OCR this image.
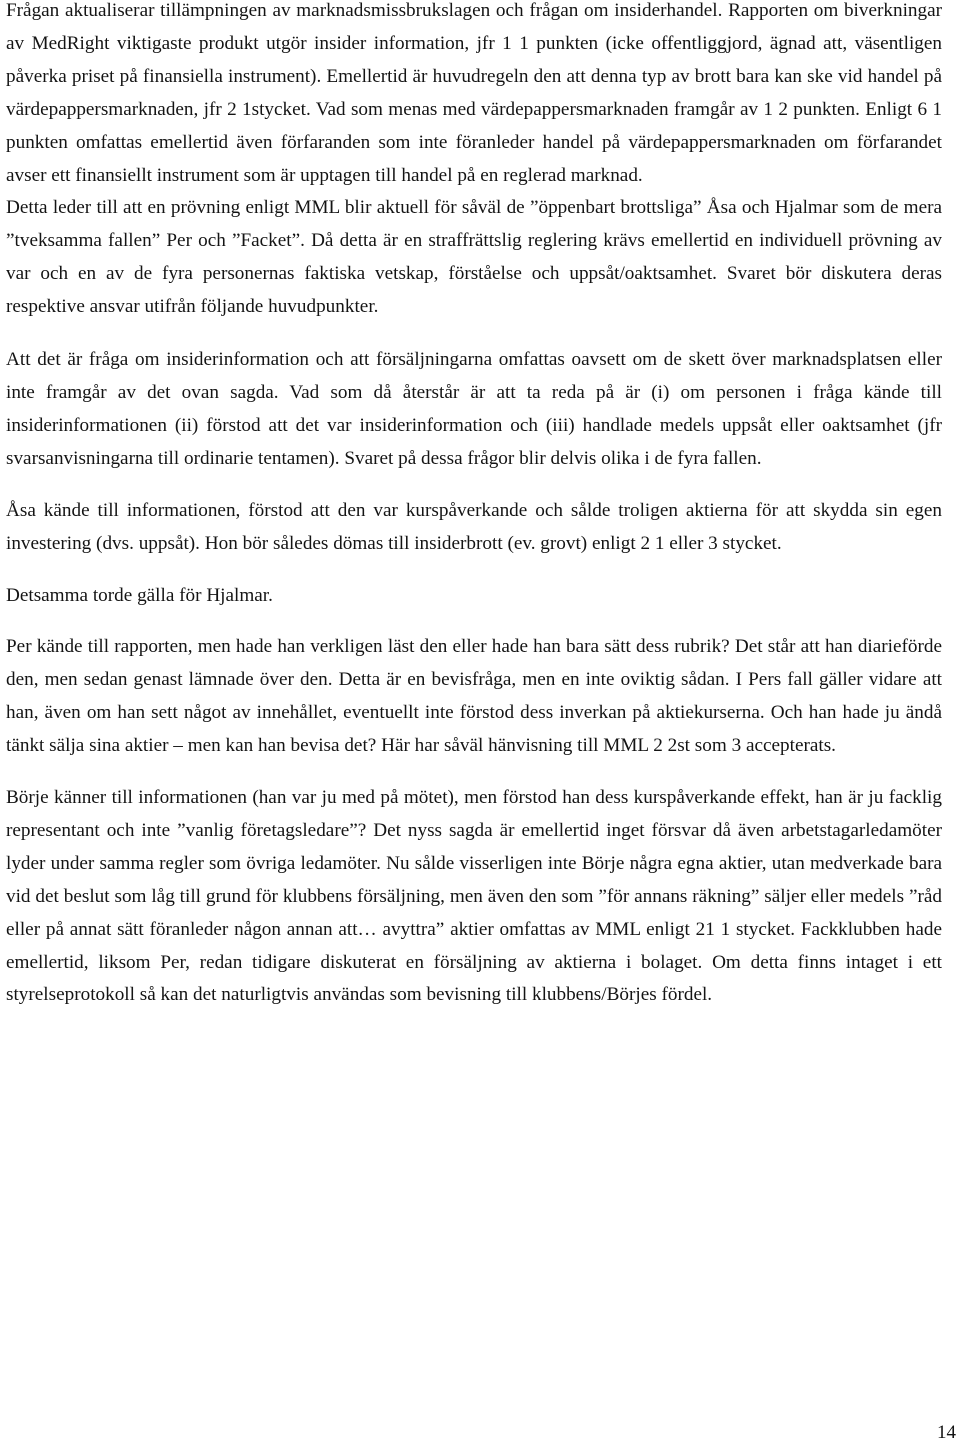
Frågan aktualiserar tillämpningen av marknadsmissbrukslagen och frågan om insiderhandel. Rapporten om biverkningar av MedRight viktigaste produkt utgör insider information, jfr 1 1 punkten (icke offentliggjord, ägnad att, väsentligen påverka priset på finansiella instrument). Emellertid är huvudregeln den att denna typ av brott bara kan ske vid handel på värdepappersmarknaden, jfr 2 1stycket. Vad som menas med värdepappersmarknaden framgår av 1 2 punkten. Enligt 6 1 punkten omfattas emellertid även förfaranden som inte föranleder handel på värdepappersmarknaden om förfarandet avser ett finansiellt instrument som är upptagen till handel på en reglerad marknad.

Detta leder till att en prövning enligt MML blir aktuell för såväl de ”öppenbart brottsliga” Åsa och Hjalmar som de mera ”tveksamma fallen” Per och ”Facket”. Då detta är en straffrättslig reglering krävs emellertid en individuell prövning av var och en av de fyra personernas faktiska vetskap, förståelse och uppsåt/oaktsamhet. Svaret bör diskutera deras respektive ansvar utifrån följande huvudpunkter.

Att det är fråga om insiderinformation och att försäljningarna omfattas oavsett om de skett över marknadsplatsen eller inte framgår av det ovan sagda. Vad som då återstår är att ta reda på är (i) om personen i fråga kände till insiderinformationen (ii) förstod att det var insiderinformation och (iii) handlade medels uppsåt eller oaktsamhet (jfr svarsanvisningarna till ordinarie tentamen). Svaret på dessa frågor blir delvis olika i de fyra fallen.

Åsa kände till informationen, förstod att den var kurspåverkande och sålde troligen aktierna för att skydda sin egen investering (dvs. uppsåt). Hon bör således dömas till insiderbrott (ev. grovt) enligt 2 1 eller 3 stycket.

Detsamma torde gälla för Hjalmar.

Per kände till rapporten, men hade han verkligen läst den eller hade han bara sätt dess rubrik? Det står att han diarieförde den, men sedan genast lämnade över den. Detta är en bevisfråga, men en inte oviktig sådan. I Pers fall gäller vidare att han, även om han sett något av innehållet, eventuellt inte förstod dess inverkan på aktiekurserna. Och han hade ju ändå tänkt sälja sina aktier – men kan han bevisa det? Här har såväl hänvisning till MML 2 2st som 3 accepterats.

Börje känner till informationen (han var ju med på mötet), men förstod han dess kurspåverkande effekt, han är ju facklig representant och inte ”vanlig företagsledare”? Det nyss sagda är emellertid inget försvar då även arbetstagarledamöter lyder under samma regler som övriga ledamöter. Nu sålde visserligen inte Börje några egna aktier, utan medverkade bara vid det beslut som låg till grund för klubbens försäljning, men även den som ”för annans räkning” säljer eller medels ”råd eller på annat sätt föranleder någon annan att… avyttra” aktier omfattas av MML enligt 21 1 stycket. Fackklubben hade emellertid, liksom Per, redan tidigare diskuterat en försäljning av aktierna i bolaget. Om detta finns intaget i ett styrelseprotokoll så kan det naturligtvis användas som bevisning till klubbens/Börjes fördel.

14
